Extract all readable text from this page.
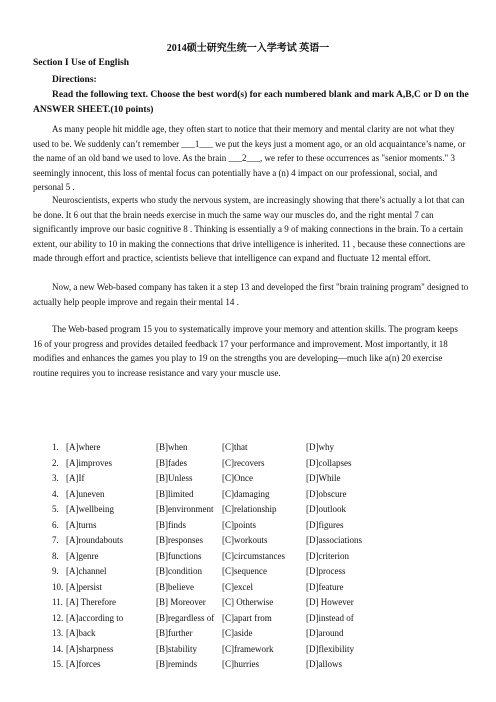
2014硕士研究生统一入学考试 英语一
Section I Use of English
Directions:
Read the following text. Choose the best word(s) for each numbered blank and mark A,B,C or D on the ANSWER SHEET.(10 points)
As many people hit middle age, they often start to notice that their memory and mental clarity are not what they used to be. We suddenly can’t remember ___1___ we put the keys just a moment ago, or an old acquaintance’s name, or the name of an old band we used to love. As the brain ___2___, we refer to these occurrences as "senior moments." 3 seemingly innocent, this loss of mental focus can potentially have a (n) 4 impact on our professional, social, and personal 5 .
Neuroscientists, experts who study the nervous system, are increasingly showing that there’s actually a lot that can be done. It 6 out that the brain needs exercise in much the same way our muscles do, and the right mental 7 can significantly improve our basic cognitive 8 . Thinking is essentially a 9 of making connections in the brain. To a certain extent, our ability to 10 in making the connections that drive intelligence is inherited. 11 , because these connections are made through effort and practice, scientists believe that intelligence can expand and fluctuate 12 mental effort.
Now, a new Web-based company has taken it a step 13 and developed the first "brain training program" designed to actually help people improve and regain their mental 14 .
The Web-based program 15 you to systematically improve your memory and attention skills. The program keeps 16 of your progress and provides detailed feedback 17 your performance and improvement. Most importantly, it 18 modifies and enhances the games you play to 19 on the strengths you are developing—much like a(n) 20 exercise routine requires you to increase resistance and vary your muscle use.
1. [A]where	[B]when	[C]that	[D]why
2. [A]improves	[B]fades	[C]recovers	[D]collapses
3. [A]If	[B]Unless	[C]Once	[D]While
4. [A]uneven	[B]limited	[C]damaging	[D]obscure
5. [A]wellbeing	[B]environment [C]relationship	[D]outlook
6. [A]turns	[B]finds	[C]points	[D]figures
7. [A]roundabouts	[B]responses [C]workouts	[D]associations
8. [A]genre	[B]functions [C]circumstances [D]criterion
9. [A]channel	[B]condition [C]sequence	[D]process
10. [A]persist	[B]believe	[C]excel	[D]feature
11. [A] Therefore	[B] Moreover [C] Otherwise	[D] However
12. [A]according to	[B]regardless of [C]apart from	[D]instead of
13. [A]back	[B]further	[C]aside	[D]around
14. [A]sharpness	[B]stability	[C]framework	[D]flexibility
15. [A]forces	[B]reminds	[C]hurries	[D]allows
